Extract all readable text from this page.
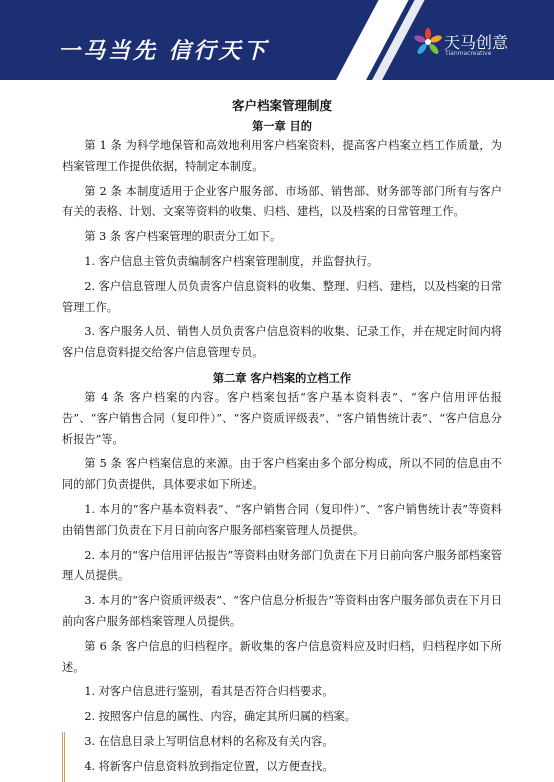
一马当先 信行天下	天马创意
Tianmacreative

客户档案管理制度

第一章 目的

第 1 条 为科学地保管和高效地利用客户档案资料，提高客户档案立档工作质量，为档案管理工作提供依据，特制定本制度。

第 2 条 本制度适用于企业客户服务部、市场部、销售部、财务部等部门所有与客户有关的表格、计划、文案等资料的收集、归档、建档，以及档案的日常管理工作。

第 3 条 客户档案管理的职责分工如下。

1. 客户信息主管负责编制客户档案管理制度，并监督执行。

2. 客户信息管理人员负责客户信息资料的收集、整理、归档、建档，以及档案的日常管理工作。

3. 客户服务人员、销售人员负责客户信息资料的收集、记录工作，并在规定时间内将客户信息资料提交给客户信息管理专员。

第二章 客户档案的立档工作

第 4 条 客户档案的内容。客户档案包括“客户基本资料表”、“客户信用评估报告”、“客户销售合同（复印件）”、“客户资质评级表”、“客户销售统计表”、“客户信息分析报告”等。

第 5 条 客户档案信息的来源。由于客户档案由多个部分构成，所以不同的信息由不同的部门负责提供，具体要求如下所述。

1. 本月的“客户基本资料表”、“客户销售合同（复印件）”、“客户销售统计表”等资料由销售部门负责在下月日前向客户服务部档案管理人员提供。

2. 本月的“客户信用评估报告”等资料由财务部门负责在下月日前向客户服务部档案管理人员提供。

3. 本月的“客户资质评级表”、“客户信息分析报告”等资料由客户服务部负责在下月日前向客户服务部档案管理人员提供。

第 6 条 客户信息的归档程序。新收集的客户信息资料应及时归档，归档程序如下所述。

1. 对客户信息进行鉴别，看其是否符合归档要求。

2. 按照客户信息的属性、内容，确定其所归属的档案。

3. 在信息目录上写明信息材料的名称及有关内容。

4. 将新客户信息资料放到指定位置，以方便查找。
